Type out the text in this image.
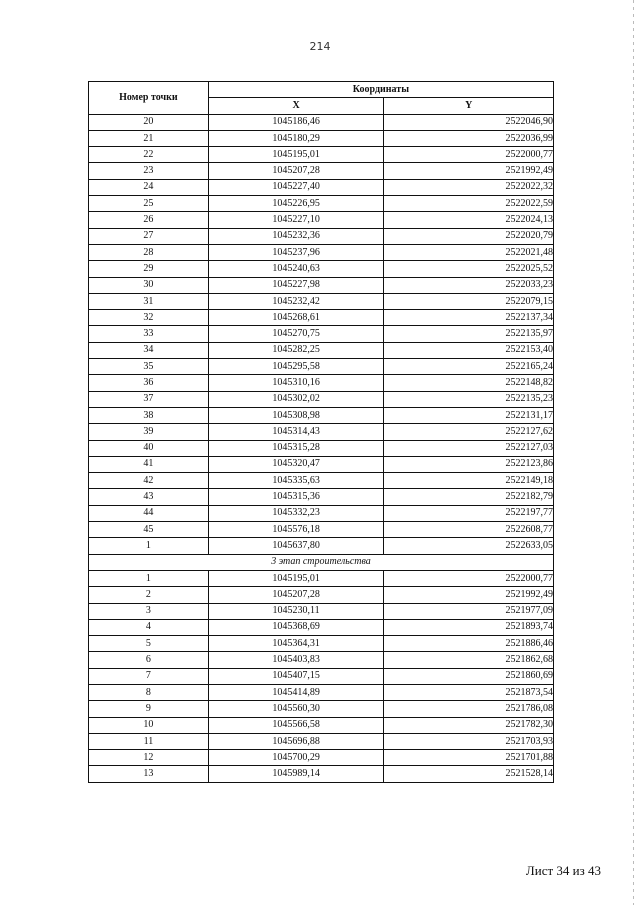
214
Номер точки	Координаты	
	X	Y
20	1045186,46	2522046,90
21	1045180,29	2522036,99
22	1045195,01	2522000,77
23	1045207,28	2521992,49
24	1045227,40	2522022,32
25	1045226,95	2522022,59
26	1045227,10	2522024,13
27	1045232,36	2522020,79
28	1045237,96	2522021,48
29	1045240,63	2522025,52
30	1045227,98	2522033,23
31	1045232,42	2522079,15
32	1045268,61	2522137,34
33	1045270,75	2522135,97
34	1045282,25	2522153,40
35	1045295,58	2522165,24
36	1045310,16	2522148,82
37	1045302,02	2522135,23
38	1045308,98	2522131,17
39	1045314,43	2522127,62
40	1045315,28	2522127,03
41	1045320,47	2522123,86
42	1045335,63	2522149,18
43	1045315,36	2522182,79
44	1045332,23	2522197,77
45	1045576,18	2522608,77
1	1045637,80	2522633,05
3 этап строительства		
1	1045195,01	2522000,77
2	1045207,28	2521992,49
3	1045230,11	2521977,09
4	1045368,69	2521893,74
5	1045364,31	2521886,46
6	1045403,83	2521862,68
7	1045407,15	2521860,69
8	1045414,89	2521873,54
9	1045560,30	2521786,08
10	1045566,58	2521782,30
11	1045696,88	2521703,93
12	1045700,29	2521701,88
13	1045989,14	2521528,14
Лист 34 из 43
